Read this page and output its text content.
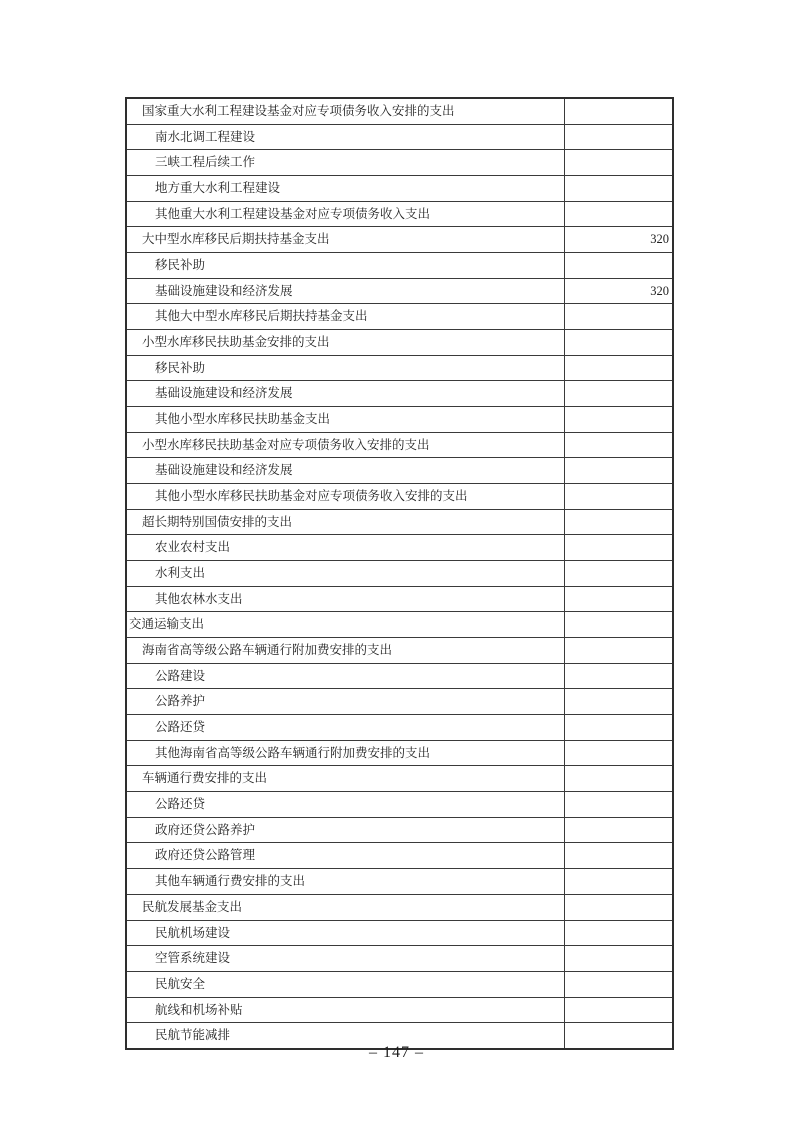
国家重大水利工程建设基金对应专项债务收入安排的支出	
南水北调工程建设	
三峡工程后续工作	
地方重大水利工程建设	
其他重大水利工程建设基金对应专项债务收入支出	
大中型水库移民后期扶持基金支出	320
移民补助	
基础设施建设和经济发展	320
其他大中型水库移民后期扶持基金支出	
小型水库移民扶助基金安排的支出	
移民补助	
基础设施建设和经济发展	
其他小型水库移民扶助基金支出	
小型水库移民扶助基金对应专项债务收入安排的支出	
基础设施建设和经济发展	
其他小型水库移民扶助基金对应专项债务收入安排的支出	
超长期特别国债安排的支出	
农业农村支出	
水利支出	
其他农林水支出	
交通运输支出	
海南省高等级公路车辆通行附加费安排的支出	
公路建设	
公路养护	
公路还贷	
其他海南省高等级公路车辆通行附加费安排的支出	
车辆通行费安排的支出	
公路还贷	
政府还贷公路养护	
政府还贷公路管理	
其他车辆通行费安排的支出	
民航发展基金支出	
民航机场建设	
空管系统建设	
民航安全	
航线和机场补贴	
民航节能减排	
– 147 –
